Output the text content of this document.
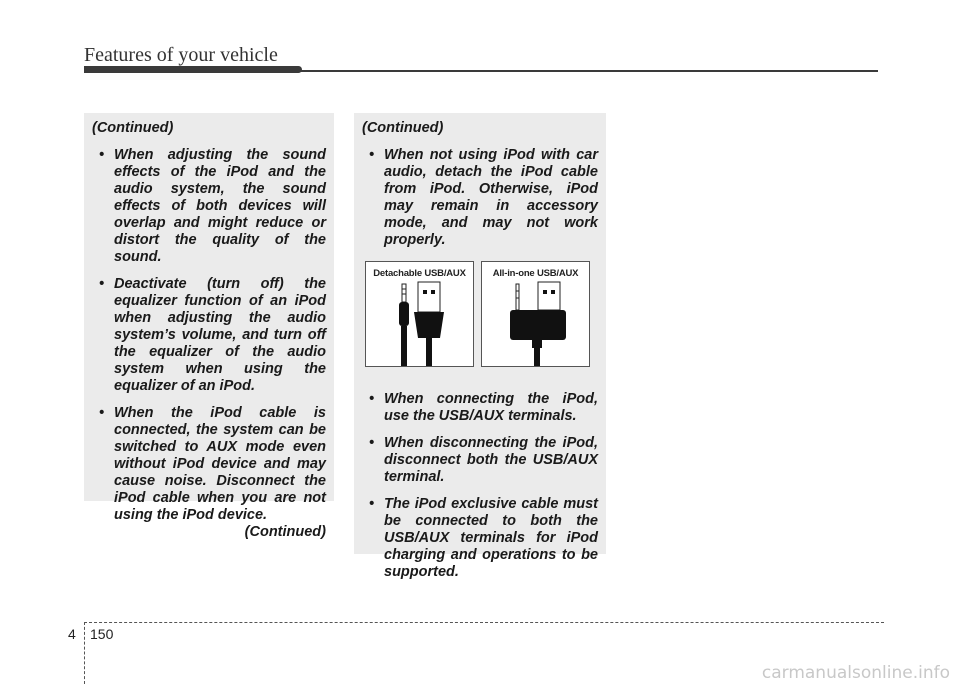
Features of your vehicle
(Continued)
• When adjusting the sound effects of the iPod and the audio system, the sound effects of both devices will overlap and might reduce or distort the quality of the sound.
• Deactivate (turn off) the equalizer function of an iPod when adjusting the audio system’s volume, and turn off the equalizer of the audio system when using the equalizer of an iPod.
• When the iPod cable is connected, the system can be switched to AUX mode even without iPod device and may cause noise. Disconnect the iPod cable when you are not using the iPod device.
(Continued)
(Continued)
• When not using iPod with car audio, detach the iPod cable from iPod. Otherwise, iPod may remain in accessory mode, and may not work properly.
Detachable USB/AUX	All-in-one USB/AUX
• When connecting the iPod, use the USB/AUX terminals.
• When disconnecting the iPod, disconnect both the USB/AUX terminal.
• The iPod exclusive cable must be connected to both the USB/AUX terminals for iPod charging and operations to be supported.
4 150
carmanualsonline.info
